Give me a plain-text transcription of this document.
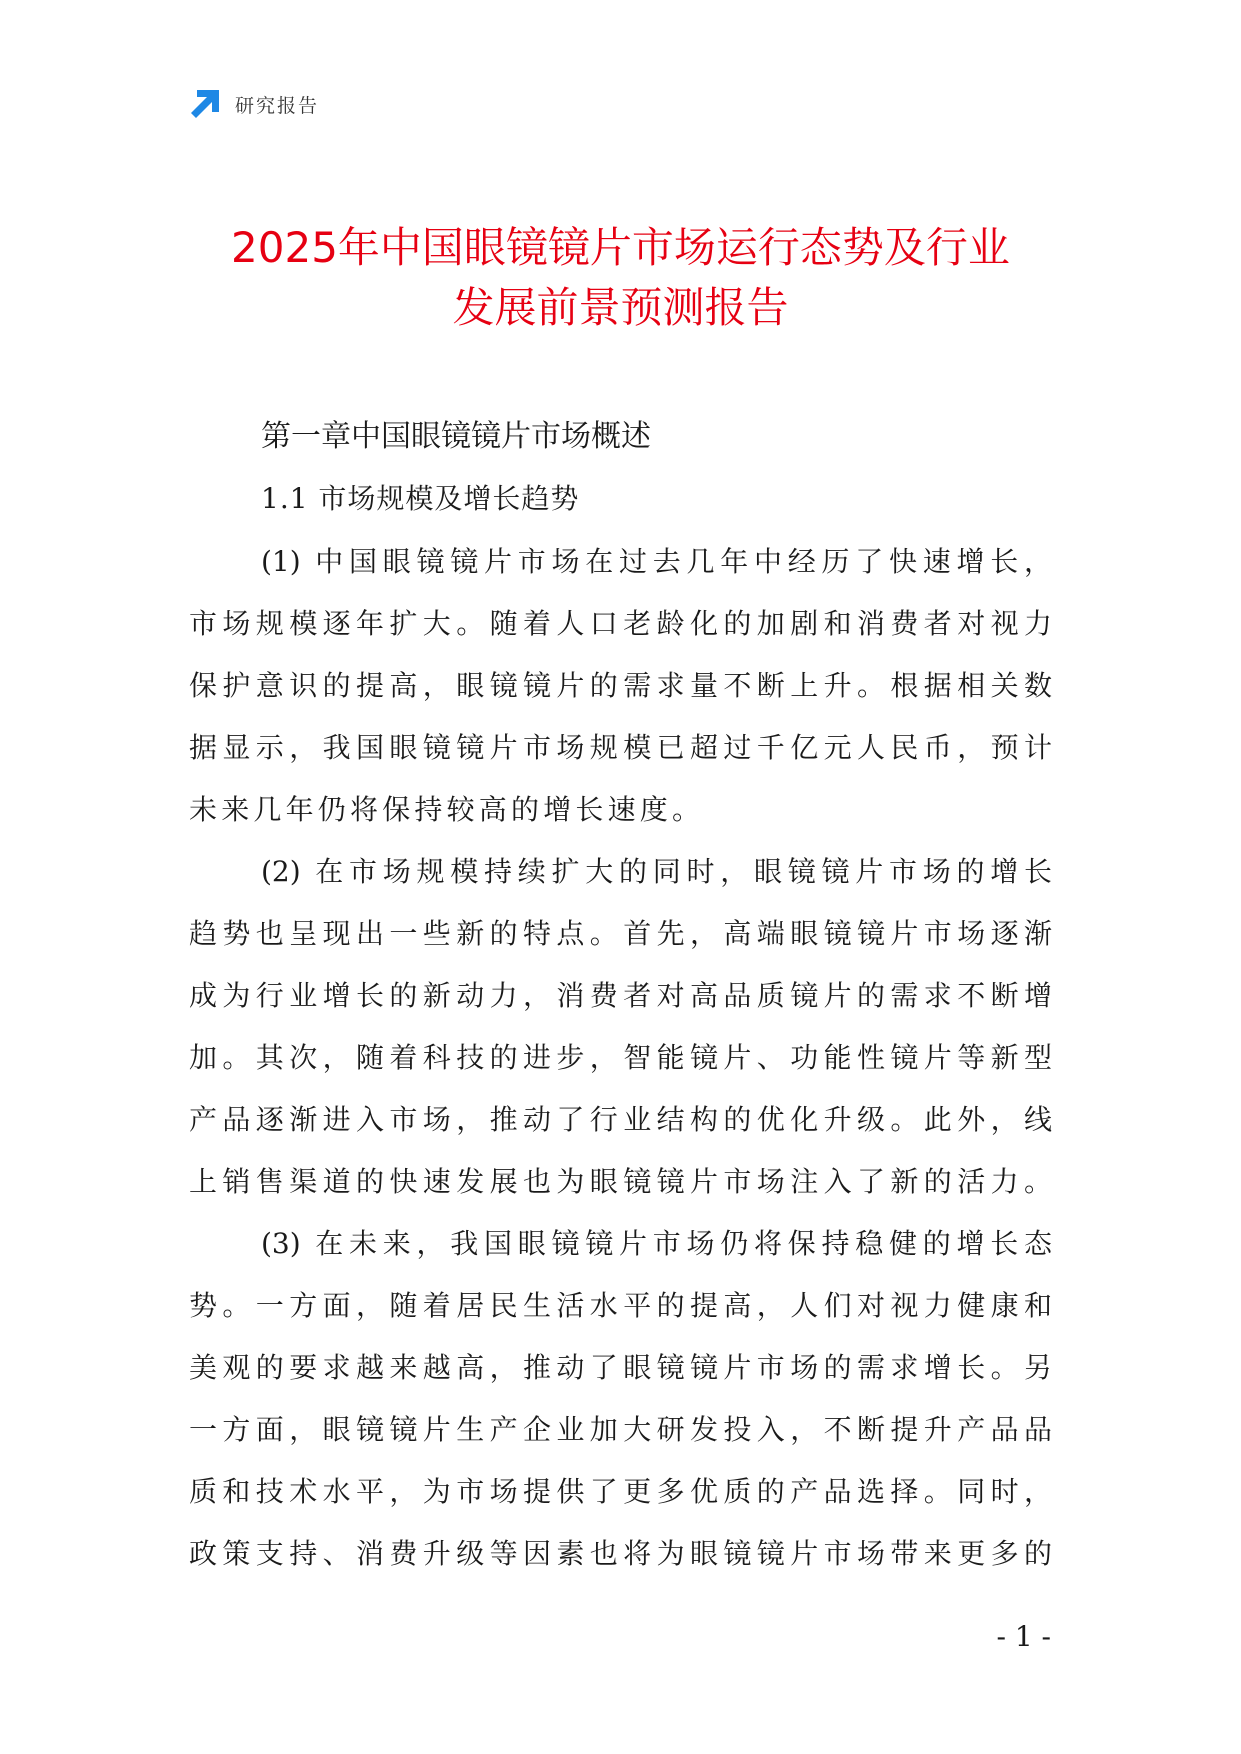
研究报告
2025年中国眼镜镜片市场运行态势及行业
发展前景预测报告
第一章中国眼镜镜片市场概述
1.1 市场规模及增长趋势
(1) 中国眼镜镜片市场在过去几年中经历了快速增长，
市场规模逐年扩大。随着人口老龄化的加剧和消费者对视力
保护意识的提高，眼镜镜片的需求量不断上升。根据相关数
据显示，我国眼镜镜片市场规模已超过千亿元人民币，预计
未来几年仍将保持较高的增长速度。
(2) 在市场规模持续扩大的同时，眼镜镜片市场的增长
趋势也呈现出一些新的特点。首先，高端眼镜镜片市场逐渐
成为行业增长的新动力，消费者对高品质镜片的需求不断增
加。其次，随着科技的进步，智能镜片、功能性镜片等新型
产品逐渐进入市场，推动了行业结构的优化升级。此外，线
上销售渠道的快速发展也为眼镜镜片市场注入了新的活力。
(3) 在未来，我国眼镜镜片市场仍将保持稳健的增长态
势。一方面，随着居民生活水平的提高，人们对视力健康和
美观的要求越来越高，推动了眼镜镜片市场的需求增长。另
一方面，眼镜镜片生产企业加大研发投入，不断提升产品品
质和技术水平，为市场提供了更多优质的产品选择。同时，
政策支持、消费升级等因素也将为眼镜镜片市场带来更多的
- 1 -
